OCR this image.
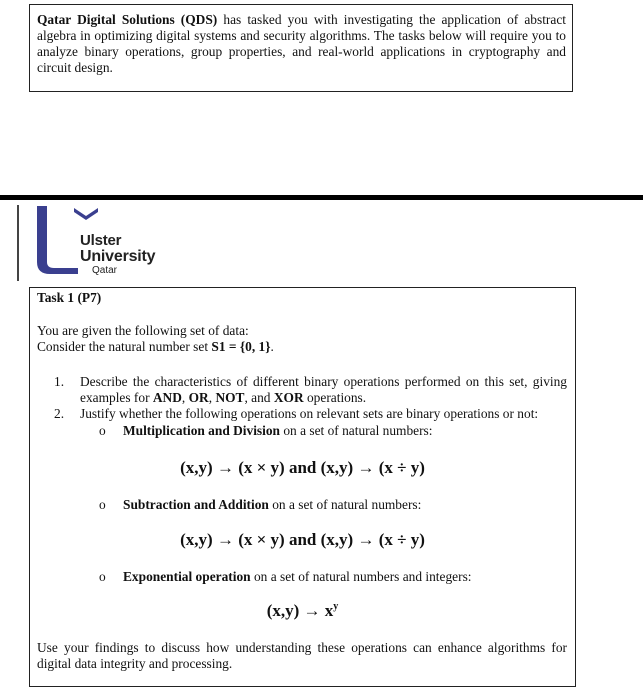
Qatar Digital Solutions (QDS) has tasked you with investigating the application of abstract algebra in optimizing digital systems and security algorithms. The tasks below will require you to analyze binary operations, group properties, and real-world applications in cryptography and circuit design.
Ulster
University
Qatar
Task 1 (P7)
You are given the following set of data:
Consider the natural number set S1 = {0, 1}.
1.	Describe the characteristics of different binary operations performed on this set, giving examples for AND, OR, NOT, and XOR operations.
2.	Justify whether the following operations on relevant sets are binary operations or not:
o Multiplication and Division on a set of natural numbers:
(x,y) → (x × y) and (x,y) → (x ÷ y)
o Subtraction and Addition on a set of natural numbers:
(x,y) → (x × y) and (x,y) → (x ÷ y)
o Exponential operation on a set of natural numbers and integers:
$(x,y) \to x^y$
Use your findings to discuss how understanding these operations can enhance algorithms for digital data integrity and processing.
